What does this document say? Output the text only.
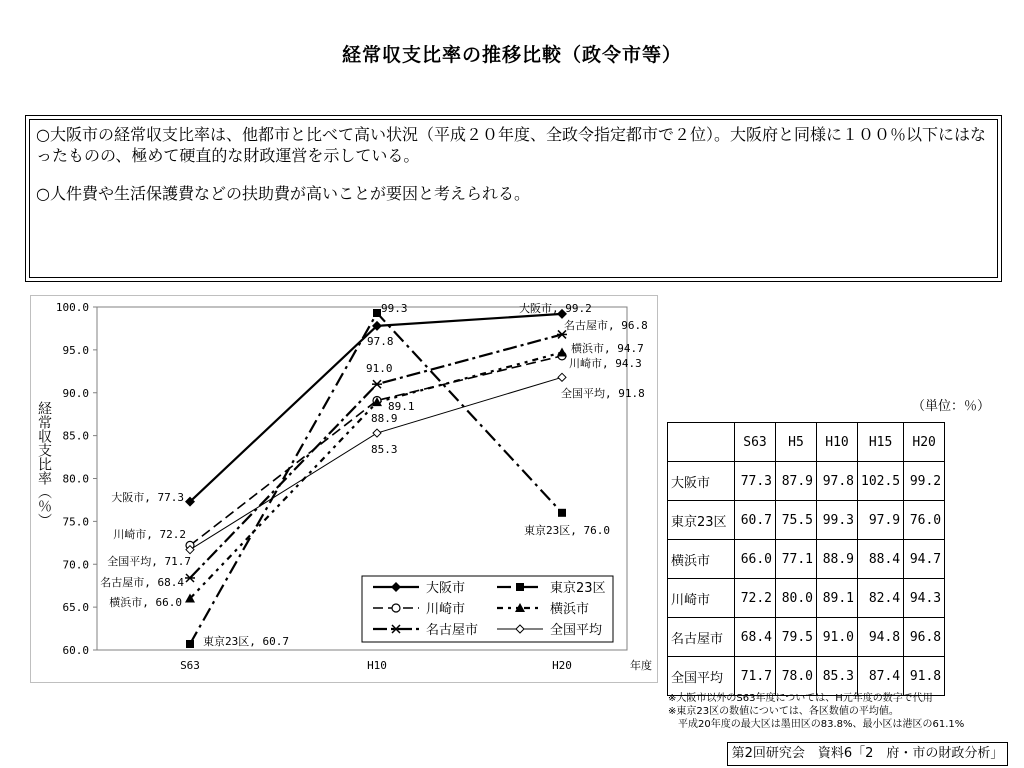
経常収支比率の推移比較（政令市等）

○大阪市の経常収支比率は、他都市と比べて高い状況（平成２０年度、全政令指定都市で２位）。大阪府と同様に１００％以下にはなったものの、極めて硬直的な財政運営を示している。

○人件費や生活保護費などの扶助費が高いことが要因と考えられる。

100.0
95.0
90.0
85.0
80.0
75.0
70.0
65.0
60.0
S63	H10	H20	年度
経常収支比率（％）	大阪市, 77.3
97.8
大阪市, 99.2
東京23区, 60.7
99.3
東京23区, 76.0
川崎市, 72.2
89.1
川崎市, 94.3
横浜市, 66.0
88.9
横浜市, 94.7
名古屋市, 68.4
91.0
名古屋市, 96.8
全国平均, 71.7
85.3
全国平均, 91.8
大阪市	東京23区
川崎市	横浜市
名古屋市	全国平均
（単位：％）
	S63	H5	H10	H15	H20
大阪市	77.3	87.9	97.8	102.5	99.2
東京23区	60.7	75.5	99.3	97.9	76.0
横浜市	66.0	77.1	88.9	88.4	94.7
川崎市	72.2	80.0	89.1	82.4	94.3
名古屋市	68.4	79.5	91.0	94.8	96.8
全国平均	71.7	78.0	85.3	87.4	91.8
※大阪市以外のS63年度については、H元年度の数字で代用
※東京23区の数値については、各区数値の平均値。
　平成20年度の最大区は墨田区の83.8%、最小区は港区の61.1%
第2回研究会　資料6「2　府・市の財政分析」
